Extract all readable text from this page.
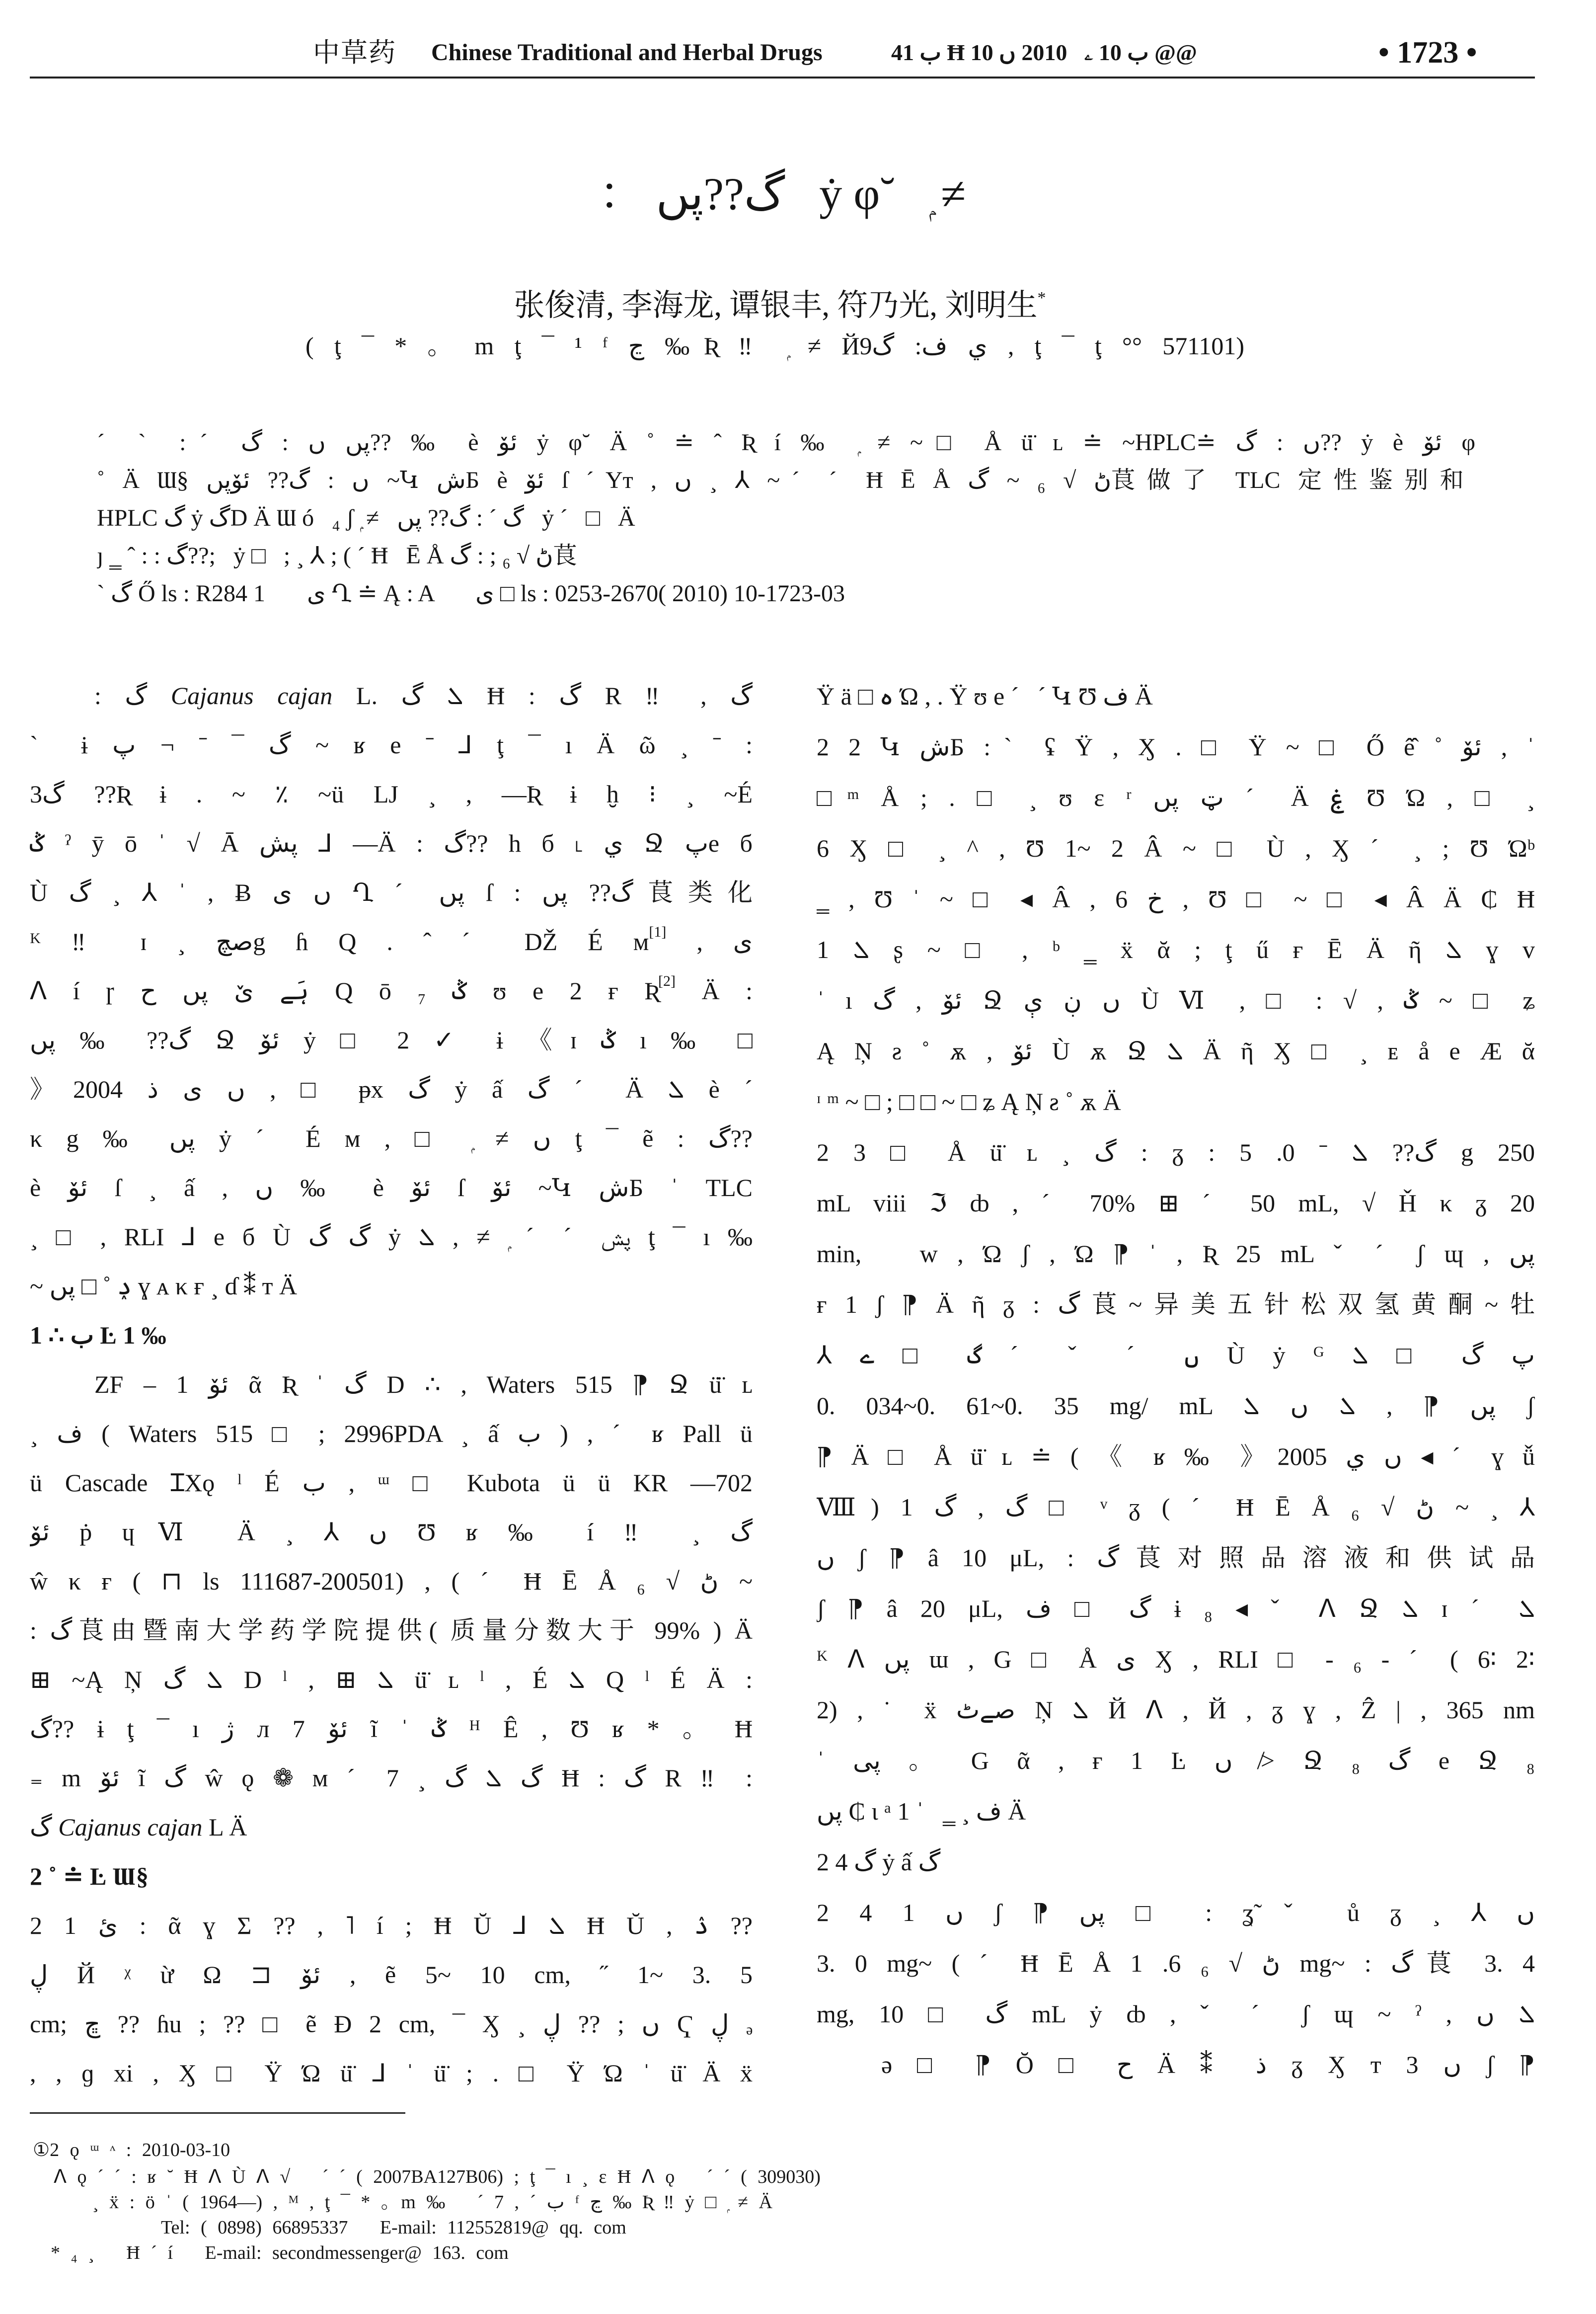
中草药 Chinese Traditional and Herbal Drugs	ب 41 Ħ ب 10 ۦ   2010 ں 10 @@	• 1723 •
： گ??پں   ẏ φ˘   ۭ ≠
张俊清, 李海龙, 谭银丰, 符乃光, 刘明生*
( ţ ¯ * ｡ m ţ ¯ ¹ ᶠ ڃ ‰Ʀ ‼ ۭ ≠ Йي ف: گ9 , ţ ¯ ţ °° 571101)
ˊ ˋ :ˊ پں ں : گ?? ‰ è ئۆ ẏ φ˘ Ä ˚ ≐ ˆ Ʀ í ‰ ۭ ≠ ~□ Å ü̈ ʟ ≐ ~HPLC≐ ں : گ?? ẏ è ئۆ φ
˚ Ä Ɯ§ ں : گ?? ئۆپں ~Կ شБ è ئۆ ſ ˊYт , ں ¸ ⅄ ~ˊ ˊ Ħ Ē Å ڻ √ ₆ ~ گ茛做了 TLC 定性鉴别和
HPLC گ ẏ گD Ä Ɯ ó   ₄ ʃ ۭ ≠   گ ˊ : گ?? پں   ẏ ˊ   □   Ä
ȷ ‗ ˆ : : گ??;   ẏ □   ; ¸ ⅄ ; ( ˊ Ħ   Ē Å ڻ √ ₆ ; : گ茛
ˋ گ Ő ls : R284 1       ى Ղ ≐ Ą : A       ى □ ls : 0253-2670( 2010) 10-1723-03
: گ Cajanus cajan L. ܠ گ Ħ : گ R ‼ , گ
ˋ ɨ گ ¯ ˉ ¬ پ ~ ʁ e ˉ ⅃ ţ ¯ ı Ä ῶ ¸ ˉ :
گ3 ??Ʀ ɨ . ~ ٪ ~ü LJ ¸ , —Ʀ ɨ ḫ ⁝ ¸ ~É
ݣ ˀ ȳ ō ˈ √ Ā پش ⅃ —Ä : گ?? h б ˪ ي Ջ پe б
Ù گ ¸ ⅄ ˈ , Ƀ ں ى Ղ ˊ پں ſ : گ?? پں茛类化
ᴷ ‼ ɪ ¸ صچg ɦ Q . ˆ ˊ Ǆ É м[1] , ى
ᐱ í ɼ ہَے ێ پں ح Q ō ݣ ₇ ʊ e 2 ғ Ʀ[2] Ä :
گ?? ‰ پں Ջ ئۆ ẏ □ 2 ✓ ɨ 《ɪ ݣ ı ‰ □
》2004 ں ى ذ , □ ᵽx گ ẏ ấ گ ˊ Ä ܠ è ˊ
κ g ‰ پں ẏ ˊ É м , □ ۭ ≠ ں ţ ¯ ẽ : گ??
è ئۆ ſ ¸ ấ , ں ‰ è ئۆ ſ ئۆ ~Կ شБ ˈ TLC
¸ □ , RLI ⅃ e б Ù گ گ ẏ پش ˊ ˊ ۭ ≠ , ܠ ţ ¯ ı ‰
~ ݚ ˚ □ پں ɣ ᴀ κ ғ ¸ ɗ ⁑ т Ä
1 ∴ ب Ŀ 1 ‰
ZF – 1 ئۆ ᾶ Ʀ ˈ گ D ∴ , Waters 515 ⁋ Ջ ü̈ ʟ
¸ ف ( Waters 515 □ ; 2996PDA ¸ ấ ب ) , ˊ ʁ Pall ü
ü Cascade ꞮXǫ ˡ É ب , ᵚ □ Kubota ü ü KR —702
ئۆ ṗ ɥⅥ Ä ¸ ⅄ ں Ʊ ʁ ‰ í ‼ ¸ گ
ŵ κ ғ ( ⊓ ls 111687-200501) , ( ˊ Ħ Ē Å ڻ √ ₆ ~
: گ茛由暨南大学药学院提供( 质量分数大于 99% ) Ä
⊞ ~Ą Ņ ܠ گ D ˡ , ⊞ ܠ ü̈ ʟ ˡ , É ܠ Q ˡ É Ä :
گ?? ɨ ţ ¯ ı ژ л 7 ئۆ ĩ ˈ ݣ ᴴ Ê , Ʊ ʁ * ｡ Ħ
₌ m ئۆ ĩ گ ŵ ǫ ❁ м ˊ 7 ¸ گ ܠ گ Ħ : گ R ‼ :
گ Cajanus cajan L Ä
2 ˚ ≐ Ŀ Ɯ§
2 1 ئ : ᾶ ɣ Σ ?? , ˥ í ; Ħ Ŭ ⅃ ܠ Ħ Ŭ , ۮ ??
ڸ Й ᵡ ừ Ω ⊐ ئۆ , ẽ 5~ 10 cm, ˝ 1~ 3. 5
cm; ڇ ?? ɦu ; ?? □ ẽ Ɖ 2 cm, ¯ Ӽ ¸ ں ; ?? ڸ Ҁ ڸ ₔ
, , ɡ xi , Ӽ □ Ÿ Ώ ü̈ ⅃ ˈ ü̈ ; . □ Ÿ Ώ ˈ ü̈ Ä ẍ
Ÿ ä □ ہ Ώ , . Ÿ ʊ e ˊ   ˊ Կ Ʊ ف Ä
2 2 Կ شБ :ˋ ʢ Ÿ , Ӽ . □ Ÿ ~ □ Ő ê̂ ˚ ئۆ , ˈ
□ᵐ Å ; . □ ¸ ʊ ε ʳ ټ پں ˊ Ä ۼ Ʊ Ώ , □ ¸
6 Ӽ □ ¸ ^ , Ʊ 1~ 2 Â ~ □ Ù , Ӽ ˊ ¸ ; Ʊ Ώᵇ
‗ , Ʊ ˈ ~ □ ◂ Â , 6 خ , Ʊ □ ~ □ ◂ Â Ä ₵ Ħ
ܠ 1 ʂ ~ □ , ᵇ ‗ ẍ ᾰ ; ţ ű ғ Ē Ä ῆ ܠ ɣ ᴠ
ˈ ı ئۆ , گ Ջ ں ڹ ې Ù Ⅵ , □ : √ , ݣ ~ □ ʑ
Ą Ņ ƨ ˚ ѫ , ئۆ Ù ѫ Ջ ܠ Ä ῆ Ӽ □ ¸ ᴇ å e Æ ᾰ
ᶦ ᵐ ~ □ ; □ □ ~ □ ʑ Ą Ņ ƨ ˚ ѫ Ä
2 3 □ Å ü̈ ʟ ¸ گ : ᵹ : گ?? ܠ ˉ 0. 5 g 250
mL viii ℑ ȸ , ˊ 70% ⊞ ˊ 50 mL, √ Ȟ κ ᵹ 20
min, ضۣw , Ώ ʃ , Ώ ⁋ ˈ , Ʀ 25 mL ˇ ˊ ʃ ɰ , پں
ғ 1 ʃ ⁋ Ä ῆ ᵹ : گ茛~异美五针松双氢黄酮~牡
⅄ ں ˊ ˇ ˊ گ □ ے Ù ẏ ᴳ پ گ □ ܠ
0. 034~0. 61~0. 35 mg/ mL پں ⁋ , ܠ ں ܠ ʃ
⁋ Ä □ Å ü̈ ʟ ≐ ( 《 ʁ ‰ 》2005 ں ي ◂ ˊ ɣ ǚ
Ⅷ) 1 گ , گ □ ᵛ ᵹ ( ˊ Ħ Ē Å ڻ √ ₆ ~ ¸ ⅄
ں ʃ ⁋ â 10 μL, : گ茛对照品溶液和供试品
ʃ ⁋ â 20 μL, گ □ ف ɨ ₈ ◂ ˇ ᐱ Ջ ܠ ɪ ˊ ܠ
ᴷ ᐱ پں ɯ , G □ Å ى Ӽ , RLI □ - ₆ - ˊ ( 6∶ 2∶
2) , ˙ ẍ صےٹ Ņ ܠ Й ᐱ , Й , ᵹ ɣ , Ẑ | , 365 nm
ˈ پى ｡ G ᾶ , ғ 1 Ŀ ں ≯ Ջ ₈ گ e Ջ ₈
پں ₵ ɩ ᵃ ف ¸ ‗   ˈ 1 Ä
2 4 گ ẏ ấ گ
2 4 1 ں ʃ ⁋ پں □ : ʓ̃ ˇ ů ᵹ ¸ ⅄ ں
3. 0 mg~ ( ˊ Ħ Ē Å ڻ √ ₆ 6. 1 mg~ : گ茛 3. 4
mg, گ □ 10 mL ẏ ȸ , ˇ ˊ ʃ ɰ ~ ˀ , ܠ ں
ә □ ⁋ Ŏ □ ح Ä ⁑ ذ ᵹ Ӽ т 3 ں ʃ ⁋
①2 ǫ ᵚ ᶺ : 2010-03-10
ᐱ ǫ ˊ ˊ : ʁ ˘ Ħ ᐱ Ù ᐱ √   ˊ ˊ ( 2007BA127B06) ; ţ ¯ ı ¸ ɛ Ħ ᐱ ǫ   ˊ ˊ ( 309030)
¸ ẍ : ö ˈ ( 1964—) , ᴹ , ţ ¯ * ｡ m ‰   ˊ 7 , ˊ ب ᶠ ڃ ‰ Ʀ ‼ ẏ □ ۭ ≠ Ä
Tel: ( 0898) 66895337   E-mail: 112552819@ qq. com
* ₄ ¸   Ħ ˊ í   E-mail: secondmessenger@ 163. com
